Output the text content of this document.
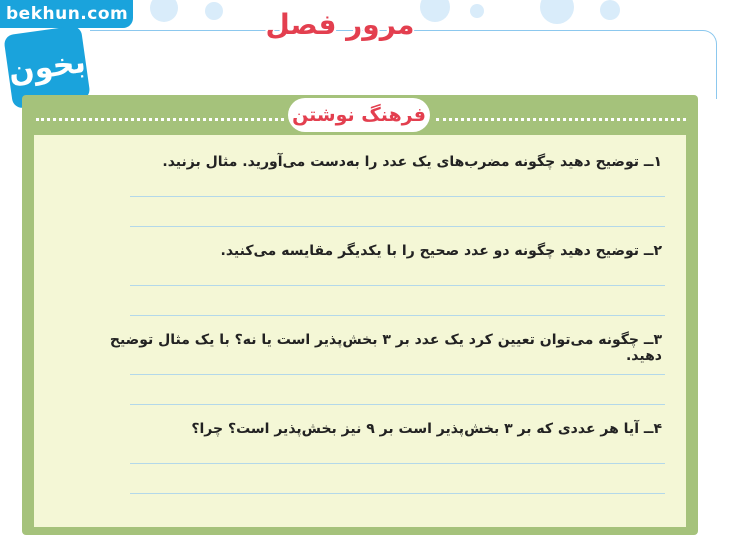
bekhun.com
بخون
مرور فصل
فرهنگ نوشتن
۱ــ توضیح دهید چگونه مضرب‌های یک عدد را به‌دست می‌آورید. مثال بزنید.
۲ــ توضیح دهید چگونه دو عدد صحیح را با یکدیگر مقایسه می‌کنید.
۳ــ چگونه می‌توان تعیین کرد یک عدد بر ۳ بخش‌پذیر است یا نه؟ با یک مثال توضیح دهید.
۴ــ آیا هر عددی که بر ۳ بخش‌پذیر است بر ۹ نیز بخش‌پذیر است؟ چرا؟
